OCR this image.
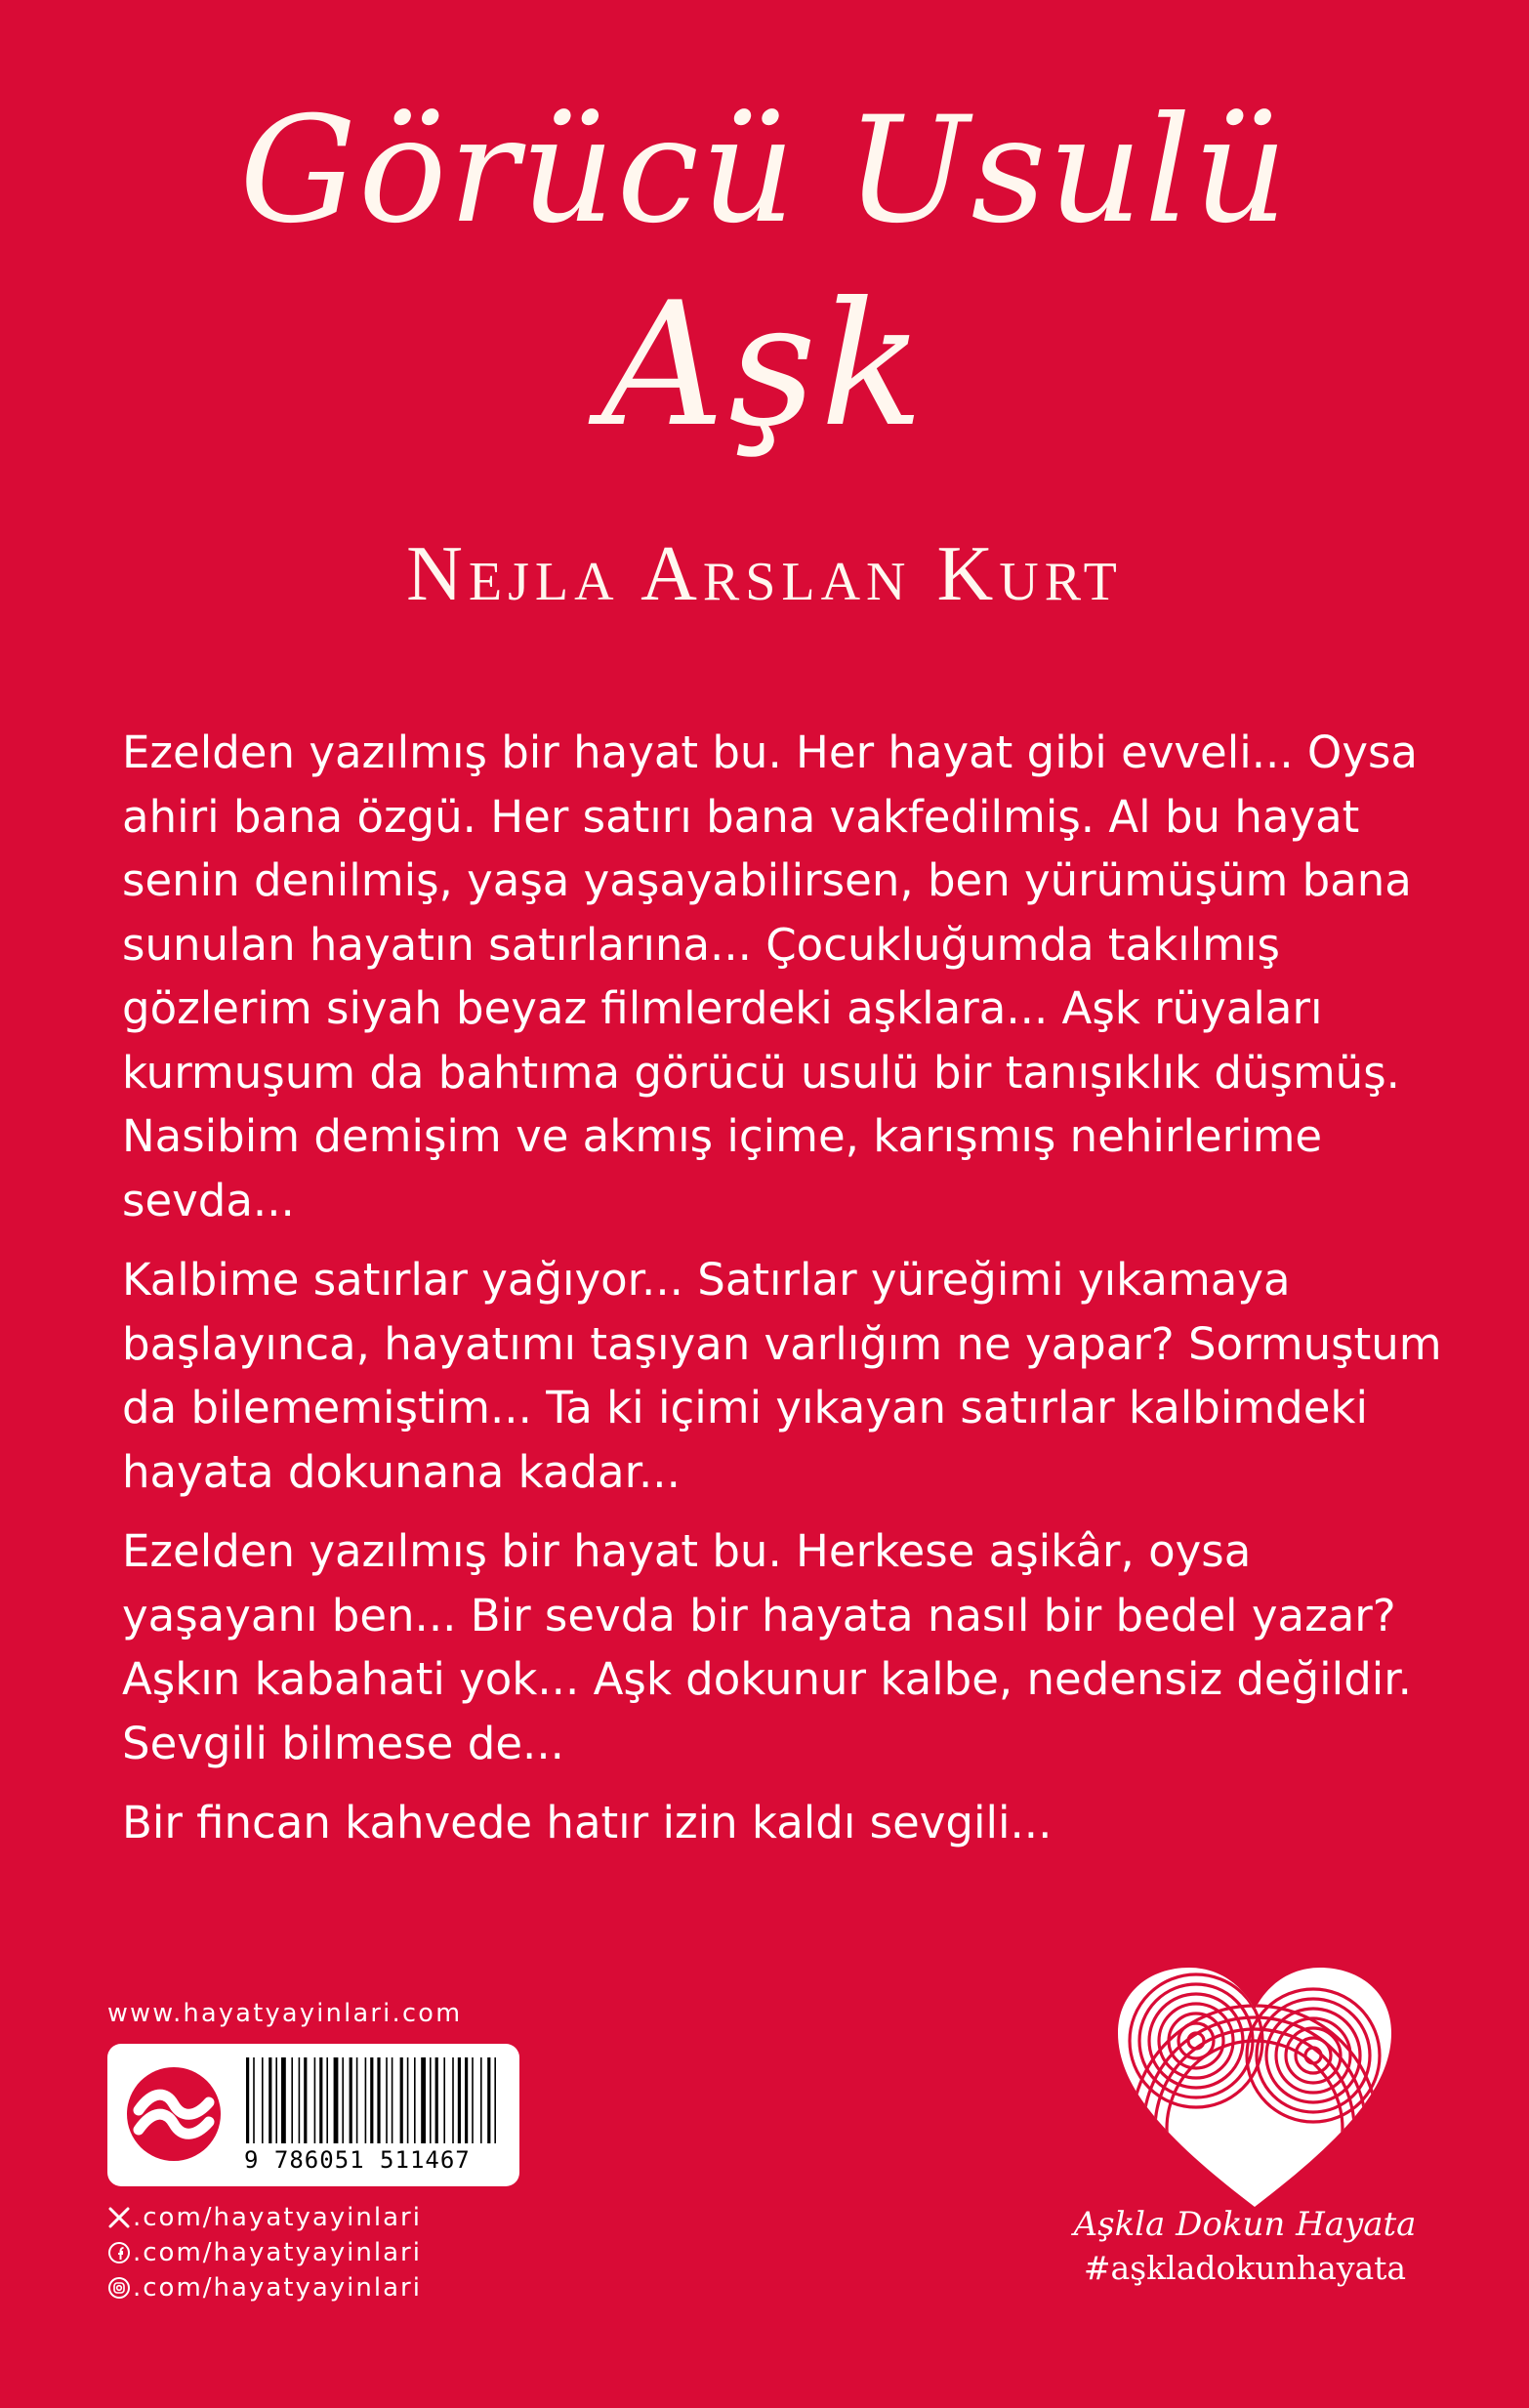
Görücü Usulü
Aşk
Nejla Arslan Kurt

Ezelden yazılmış bir hayat bu. Her hayat gibi evveli... Oysa ahiri bana özgü. Her satırı bana vakfedilmiş. Al bu hayat senin denilmiş, yaşa yaşayabilirsen, ben yürümüşüm bana sunulan hayatın satırlarına... Çocukluğumda takılmış gözlerim siyah beyaz filmlerdeki aşklara... Aşk rüyaları kurmuşum da bahtıma görücü usulü bir tanışıklık düşmüş. Nasibim demişim ve akmış içime, karışmış nehirlerime sevda...

Kalbime satırlar yağıyor... Satırlar yüreğimi yıkamaya başlayınca, hayatımı taşıyan varlığım ne yapar? Sormuştum da bilememiştim... Ta ki içimi yıkayan satırlar kalbimdeki hayata dokunana kadar...

Ezelden yazılmış bir hayat bu. Herkese aşikâr, oysa yaşayanı ben... Bir sevda bir hayata nasıl bir bedel yazar? Aşkın kabahati yok... Aşk dokunur kalbe, nedensiz değildir. Sevgili bilmese de...

Bir fincan kahvede hatır izin kaldı sevgili...

www.hayatyayinlari.com
9 786051 511467
.com/hayatyayinlari
.com/hayatyayinlari
.com/hayatyayinlari
Aşkla Dokun Hayata
#aşkladokunhayata
